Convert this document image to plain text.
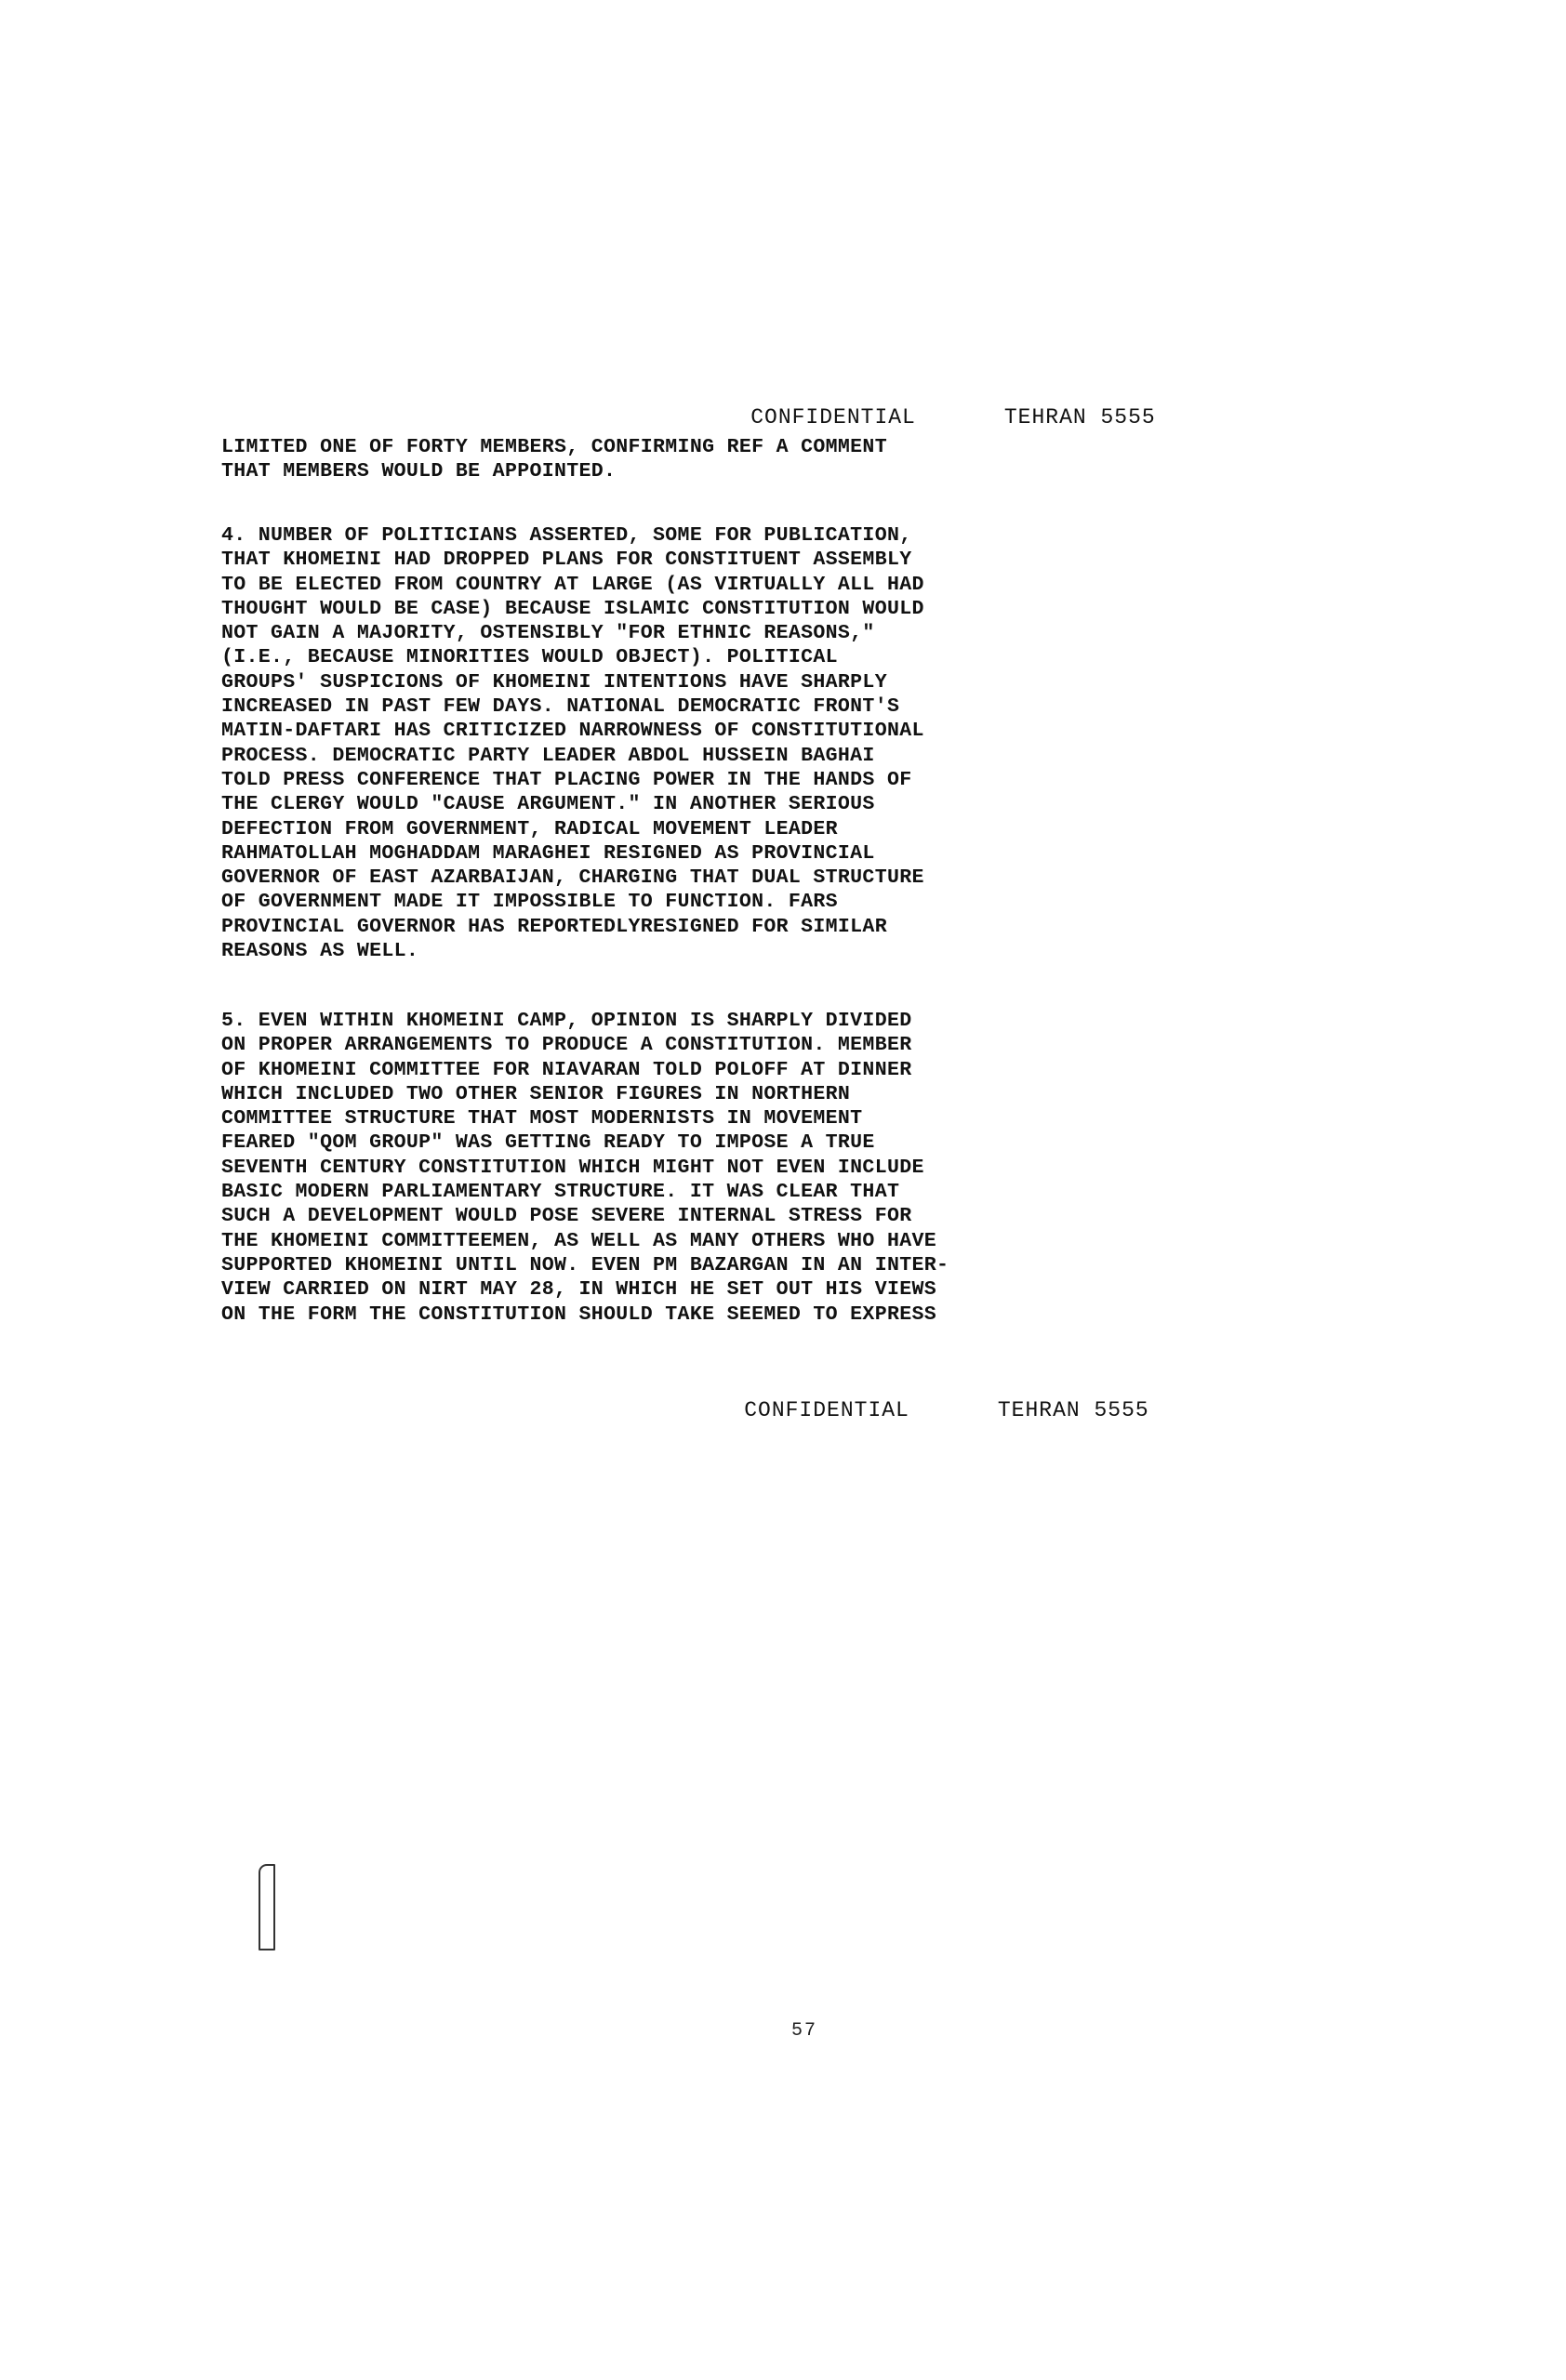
CONFIDENTIAL	TEHRAN 5555

LIMITED ONE OF FORTY MEMBERS, CONFIRMING REF A COMMENT
THAT MEMBERS WOULD BE APPOINTED.
4. NUMBER OF POLITICIANS ASSERTED, SOME FOR PUBLICATION,
THAT KHOMEINI HAD DROPPED PLANS FOR CONSTITUENT ASSEMBLY
TO BE ELECTED FROM COUNTRY AT LARGE (AS VIRTUALLY ALL HAD
THOUGHT WOULD BE CASE) BECAUSE ISLAMIC CONSTITUTION WOULD
NOT GAIN A MAJORITY, OSTENSIBLY "FOR ETHNIC REASONS,"
(I.E., BECAUSE MINORITIES WOULD OBJECT). POLITICAL
GROUPS' SUSPICIONS OF KHOMEINI INTENTIONS HAVE SHARPLY
INCREASED IN PAST FEW DAYS. NATIONAL DEMOCRATIC FRONT'S
MATIN-DAFTARI HAS CRITICIZED NARROWNESS OF CONSTITUTIONAL
PROCESS. DEMOCRATIC PARTY LEADER ABDOL HUSSEIN BAGHAI
TOLD PRESS CONFERENCE THAT PLACING POWER IN THE HANDS OF
THE CLERGY WOULD "CAUSE ARGUMENT." IN ANOTHER SERIOUS
DEFECTION FROM GOVERNMENT, RADICAL MOVEMENT LEADER
RAHMATOLLAH MOGHADDAM MARAGHEI RESIGNED AS PROVINCIAL
GOVERNOR OF EAST AZARBAIJAN, CHARGING THAT DUAL STRUCTURE
OF GOVERNMENT MADE IT IMPOSSIBLE TO FUNCTION. FARS
PROVINCIAL GOVERNOR HAS REPORTEDLYRESIGNED FOR SIMILAR
REASONS AS WELL.
5. EVEN WITHIN KHOMEINI CAMP, OPINION IS SHARPLY DIVIDED
ON PROPER ARRANGEMENTS TO PRODUCE A CONSTITUTION. MEMBER
OF KHOMEINI COMMITTEE FOR NIAVARAN TOLD POLOFF AT DINNER
WHICH INCLUDED TWO OTHER SENIOR FIGURES IN NORTHERN
COMMITTEE STRUCTURE THAT MOST MODERNISTS IN MOVEMENT
FEARED "QOM GROUP" WAS GETTING READY TO IMPOSE A TRUE
SEVENTH CENTURY CONSTITUTION WHICH MIGHT NOT EVEN INCLUDE
BASIC MODERN PARLIAMENTARY STRUCTURE. IT WAS CLEAR THAT
SUCH A DEVELOPMENT WOULD POSE SEVERE INTERNAL STRESS FOR
THE KHOMEINI COMMITTEEMEN, AS WELL AS MANY OTHERS WHO HAVE
SUPPORTED KHOMEINI UNTIL NOW. EVEN PM BAZARGAN IN AN INTER-
VIEW CARRIED ON NIRT MAY 28, IN WHICH HE SET OUT HIS VIEWS
ON THE FORM THE CONSTITUTION SHOULD TAKE SEEMED TO EXPRESS

CONFIDENTIAL	TEHRAN 5555

57
